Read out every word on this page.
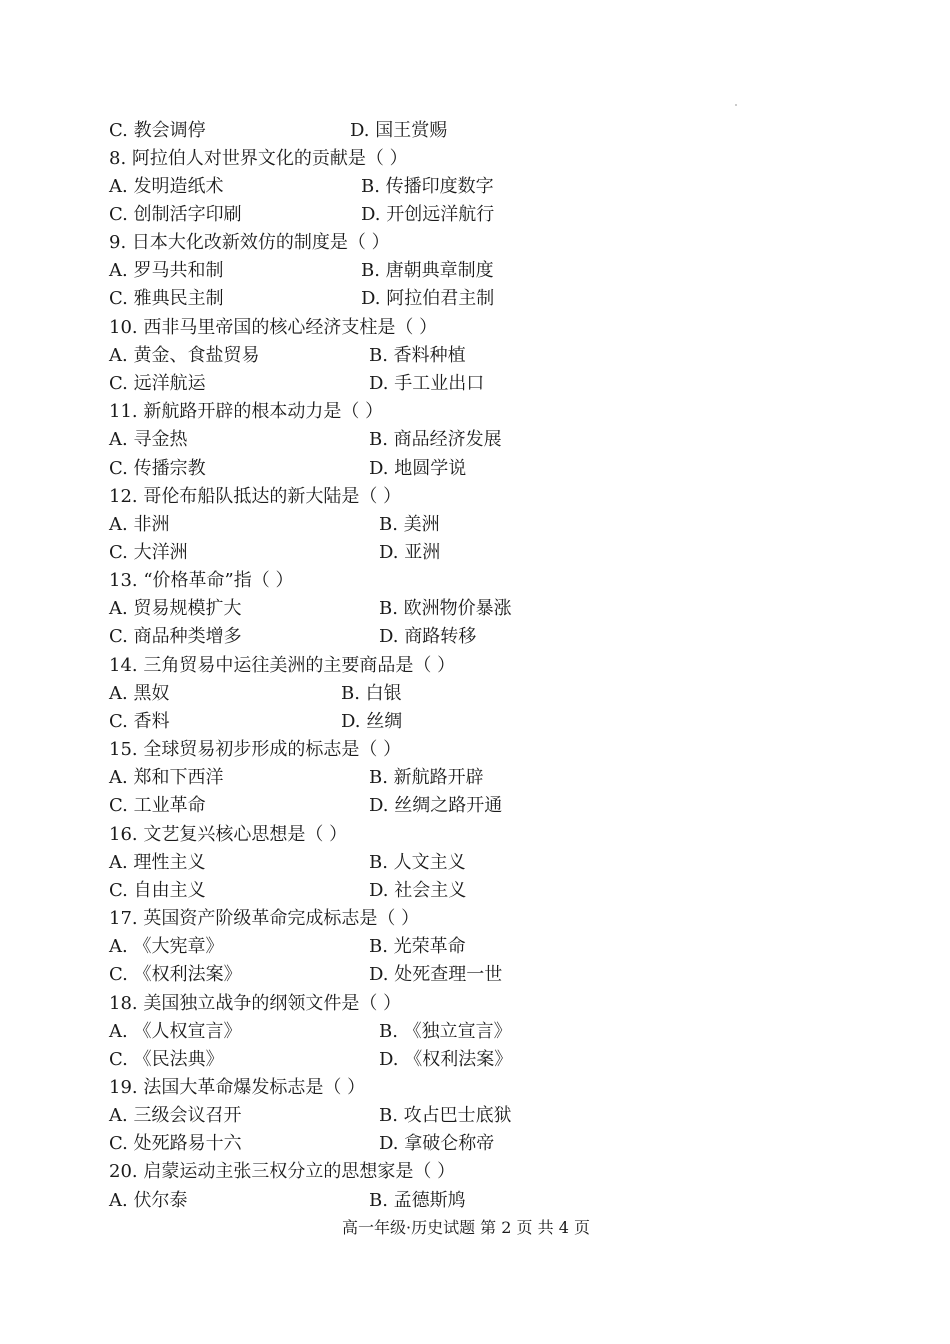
C. 教会调停	D. 国王赏赐
8. 阿拉伯人对世界文化的贡献是（ ）
A. 发明造纸术	B. 传播印度数字
C. 创制活字印刷	D. 开创远洋航行
9. 日本大化改新效仿的制度是（ ）
A. 罗马共和制	B. 唐朝典章制度
C. 雅典民主制	D. 阿拉伯君主制
10. 西非马里帝国的核心经济支柱是（ ）
A. 黄金、食盐贸易	B. 香料种植
C. 远洋航运	D. 手工业出口
11. 新航路开辟的根本动力是（ ）
A. 寻金热	B. 商品经济发展
C. 传播宗教	D. 地圆学说
12. 哥伦布船队抵达的新大陆是（ ）
A. 非洲	B. 美洲
C. 大洋洲	D. 亚洲
13. “价格革命”指（ ）
A. 贸易规模扩大	B. 欧洲物价暴涨
C. 商品种类增多	D. 商路转移
14. 三角贸易中运往美洲的主要商品是（ ）
A. 黑奴	B. 白银
C. 香料	D. 丝绸
15. 全球贸易初步形成的标志是（ ）
A. 郑和下西洋	B. 新航路开辟
C. 工业革命	D. 丝绸之路开通
16. 文艺复兴核心思想是（ ）
A. 理性主义	B. 人文主义
C. 自由主义	D. 社会主义
17. 英国资产阶级革命完成标志是（ ）
A. 《大宪章》	B. 光荣革命
C. 《权利法案》	D. 处死查理一世
18. 美国独立战争的纲领文件是（ ）
A. 《人权宣言》	B. 《独立宣言》
C. 《民法典》	D. 《权利法案》
19. 法国大革命爆发标志是（ ）
A. 三级会议召开	B. 攻占巴士底狱
C. 处死路易十六	D. 拿破仑称帝
20. 启蒙运动主张三权分立的思想家是（ ）
A. 伏尔泰	B. 孟德斯鸠
高一年级·历史试题 第 2 页 共 4 页
